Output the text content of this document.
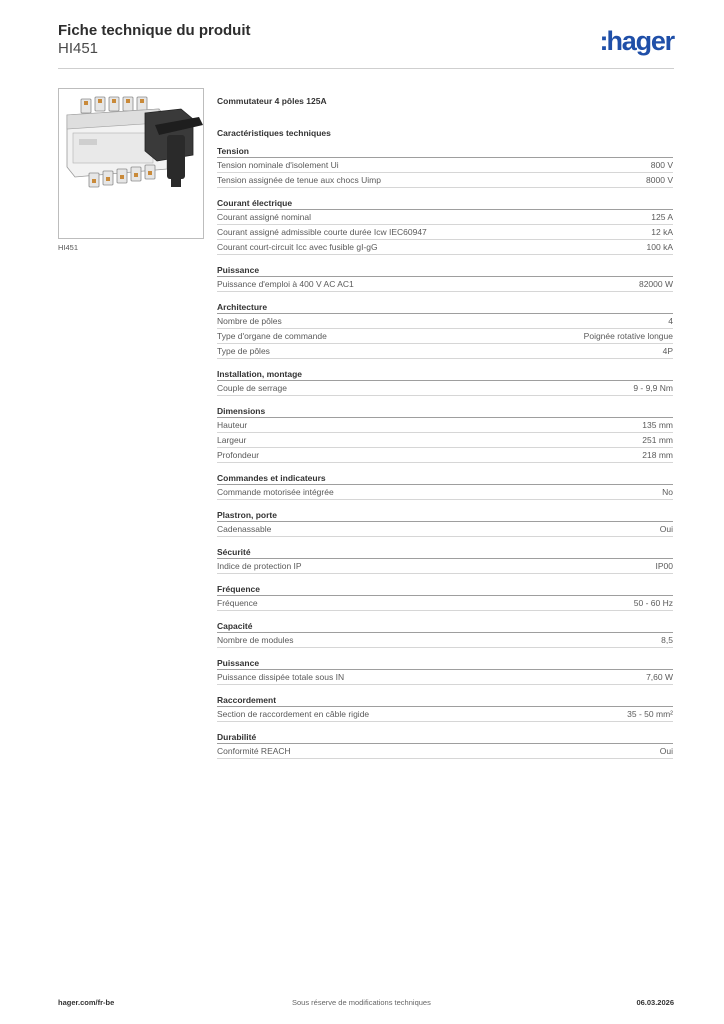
Fiche technique du produit
HI451	:hager
HI451
Commutateur 4 pôles 125A
Caractéristiques techniques
Tension
Tension nominale d'isolement Ui	800 V
Tension assignée de tenue aux chocs Uimp	8000 V
Courant électrique
Courant assigné nominal	125 A
Courant assigné admissible courte durée Icw IEC60947	12 kA
Courant court-circuit Icc avec fusible gI-gG	100 kA
Puissance
Puissance d'emploi à 400 V AC AC1	82000 W
Architecture
Nombre de pôles	4
Type d'organe de commande	Poignée rotative longue
Type de pôles	4P
Installation, montage
Couple de serrage	9 - 9,9 Nm
Dimensions
Hauteur	135 mm
Largeur	251 mm
Profondeur	218 mm
Commandes et indicateurs
Commande motorisée intégrée	No
Plastron, porte
Cadenassable	Oui
Sécurité
Indice de protection IP	IP00
Fréquence
Fréquence	50 - 60 Hz
Capacité
Nombre de modules	8,5
Puissance
Puissance dissipée totale sous IN	7,60 W
Raccordement
Section de raccordement en câble rigide	35 - 50 mm²
Durabilité
Conformité REACH	Oui
hager.com/fr-be	Sous réserve de modifications techniques	06.03.2026
